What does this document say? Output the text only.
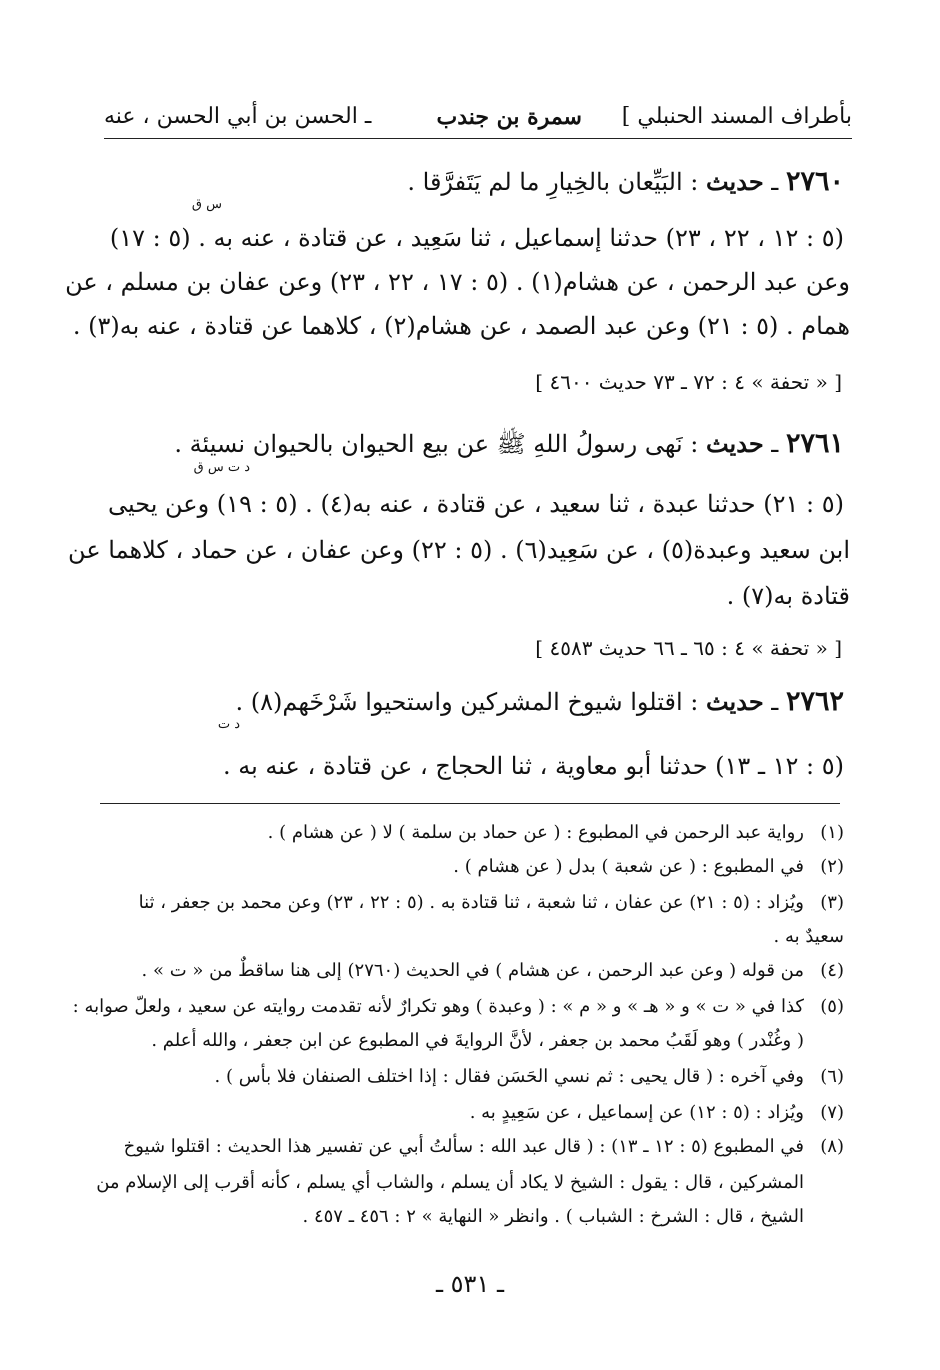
بأطراف المسند الحنبلي ]
سمرة بن جندب
ـ الحسن بن أبي الحسن ، عنه
٢٧٦٠ ـ حديث : البَيِّعان بالخِيارِ ما لم يَتَفرَّقا .
س ق
(٥ : ١٢ ، ٢٢ ، ٢٣) حدثنا إسماعيل ، ثنا سَعِيد ، عن قتادة ، عنه به . (٥ : ١٧)
وعن عبد الرحمن ، عن هشام(١) . (٥ : ١٧ ، ٢٢ ، ٢٣) وعن عفان بن مسلم ، عن
همام . (٥ : ٢١) وعن عبد الصمد ، عن هشام(٢) ، كلاهما عن قتادة ، عنه به(٣) .
[ « تحفة » ٤ : ٧٢ ـ ٧٣ حديث ٤٦٠٠ ]
٢٧٦١ ـ حديث : نَهى رسولُ اللهِ ﷺ عن بيع الحيوان بالحيوان نسيئة .
د ت س ق
(٥ : ٢١) حدثنا عبدة ، ثنا سعيد ، عن قتادة ، عنه به(٤) . (٥ : ١٩) وعن يحيى
ابن سعيد وعبدة(٥) ، عن سَعِيد(٦) . (٥ : ٢٢) وعن عفان ، عن حماد ، كلاهما عن
قتادة به(٧) .
[ « تحفة » ٤ : ٦٥ ـ ٦٦ حديث ٤٥٨٣ ]
٢٧٦٢ ـ حديث : اقتلوا شيوخ المشركين واستحيوا شَرْخَهم(٨) .
د ت
(٥ : ١٢ ـ ١٣) حدثنا أبو معاوية ، ثنا الحجاج ، عن قتادة ، عنه به .
(١)رواية عبد الرحمن في المطبوع : ( عن حماد بن سلمة ) لا ( عن هشام ) .
(٢)في المطبوع : ( عن شعبة ) بدل ( عن هشام ) .
(٣)ويُزاد : (٥ : ٢١) عن عفان ، ثنا شعبة ، ثنا قتادة به . (٥ : ٢٢ ، ٢٣) وعن محمد بن جعفر ، ثنا
سعيدٌ به .
(٤)من قوله ( وعن عبد الرحمن ، عن هشام ) في الحديث (٢٧٦٠) إلى هنا ساقطٌ من « ت » .
(٥)كذا في « ت » و « هـ » و « م » : ( وعبدة ) وهو تكرارٌ لأنه تقدمت روايته عن سعيد ، ولعلّ صوابه :
( وغُنْدر ) وهو لَقَبُ محمد بن جعفر ، لأنَّ الروايةَ في المطبوع عن ابن جعفر ، والله أعلم .
(٦)وفي آخره : ( قال يحيى : ثم نسي الحَسَن فقال : إذا اختلف الصنفان فلا بأس ) .
(٧)ويُزاد : (٥ : ١٢) عن إسماعيل ، عن سَعِيدٍ به .
(٨)في المطبوع (٥ : ١٢ ـ ١٣) : ( قال عبد الله : سألتُ أبي عن تفسير هذا الحديث : اقتلوا شيوخ
المشركين ، قال : يقول : الشيخ لا يكاد أن يسلم ، والشاب أي يسلم ، كأنه أقرب إلى الإسلام من
الشيخ ، قال : الشرخ : الشباب ) . وانظر « النهاية » ٢ : ٤٥٦ ـ ٤٥٧ .
ـ ٥٣١ ـ
